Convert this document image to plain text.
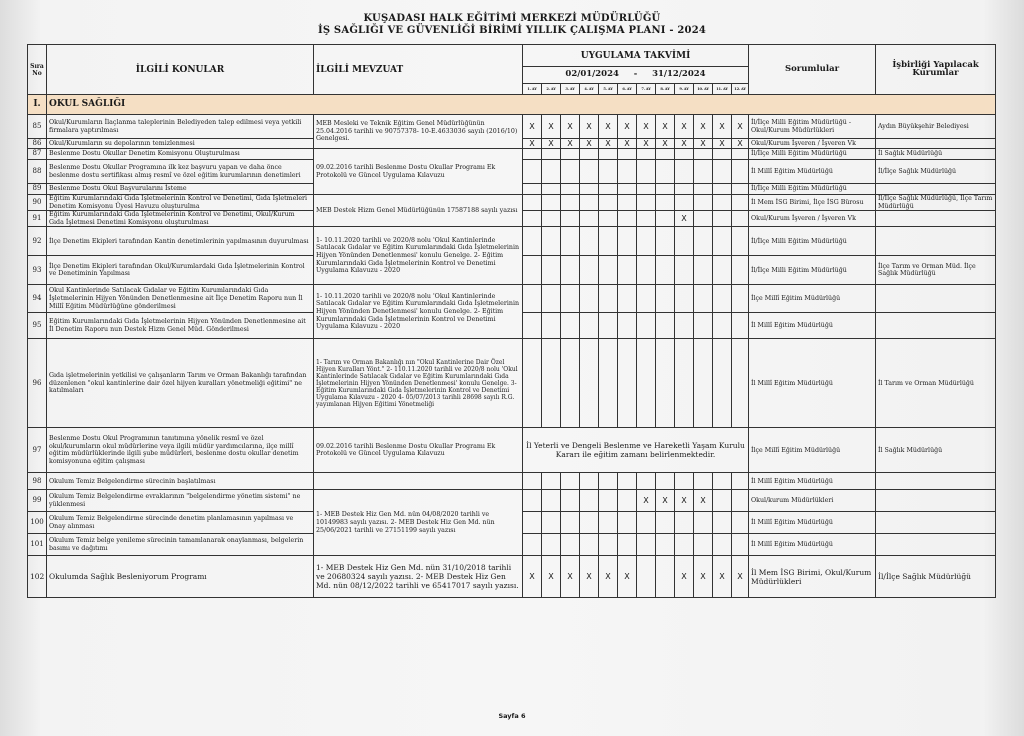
KUŞADASI HALK EĞİTİMİ MERKEZİ MÜDÜRLÜĞÜ
İŞ SAĞLIĞI VE GÜVENLİĞİ BİRİMİ YILLIK ÇALIŞMA PLANI - 2024
Sıra No	İLGİLİ KONULAR	İLGİLİ MEVZUAT	UYGULAMA TAKVİMİ												Sorumlular	İşbirliği Yapılacak Kurumlar
			02/01/2024 - 31/12/2024													
			1. AY	2. AY	3. AY	4. AY	5. AY	6. AY	7. AY	8. AY	9. AY	10. AY	11. AY	12. AY		
I.	OKUL SAĞLIĞI															
85	Okul/Kurumların İlaçlanma taleplerinin Belediyeden talep edilmesi veya yetkili firmalara yaptırılması	MEB Mesleki ve Teknik Eğitim Genel Müdürlüğünün 25.04.2016 tarihli ve 90757378- 10-E.4633036 sayılı (2016/10) Genelgesi.	X	X	X	X	X	X	X	X	X	X	X	X	İl/İlçe Milli Eğitim Müdürlüğü - Okul/Kurum Müdürlükleri	Aydın Büyükşehir Belediyesi
86	Okul/Kurumların su depolarının temizlenmesi		X	X	X	X	X	X	X	X	X	X	X	X	Okul/Kurum İşveren / İşveren Vk	
87	Beslenme Dostu Okullar Denetim Komisyonu Oluşturulması	09.02.2016 tarihli Beslenme Dostu Okullar Programı Ek Protokolü ve Güncel Uygulama Kılavuzu													İl/İlçe Milli Eğitim Müdürlüğü	İl Sağlık Müdürlüğü
88	Beslenme Dostu Okullar Programına ilk kez başvuru yapan ve daha önce beslenme dostu sertifikası almış resmî ve özel eğitim kurumlarının denetimleri														İl Millî Eğitim Müdürlüğü	İl/İlçe Sağlık Müdürlüğü
89	Beslenme Dostu Okul Başvurularını İsteme														İl/İlçe Milli Eğitim Müdürlüğü	
90	Eğitim Kurumlarındaki Gıda İşletmelerinin Kontrol ve Denetimi, Gıda İşletmeleri Denetim Komisyonu Üyesi Havuzu oluşturulma	MEB Destek Hizm Genel Müdürlüğünün 17587188 sayılı yazısı													İl Mem İSG Birimi, İlçe İSG Bürosu	İl/İlçe Sağlık Müdürlüğü, İlçe Tarım Müdürlüğü
91	Eğitim Kurumlarındaki Gıda İşletmelerinin Kontrol ve Denetimi, Okul/Kurum Gıda İşletmesi Denetimi Komisyonu oluşturulması										X				Okul/Kurum İşveren / İşveren Vk	
92	İlçe Denetim Ekipleri tarafından Kantin denetimlerinin yapılmasının duyurulması	1- 10.11.2020 tarihli ve 2020/8 nolu 'Okul Kantinlerinde Satılacak Gıdalar ve Eğitim Kurumlarındaki Gıda İşletmelerinin Hijyen Yönünden Denetlenmesi' konulu Genelge. 2- Eğitim Kurumlarındaki Gıda İşletmelerinin Kontrol ve Denetimi Uygulama Kılavuzu - 2020													İl/İlçe Milli Eğitim Müdürlüğü	
93	İlçe Denetim Ekipleri tarafından Okul/Kurumlardaki Gıda İşletmelerinin Kontrol ve Denetiminin Yapılması														İl/İlçe Milli Eğitim Müdürlüğü	İlçe Tarım ve Orman Müd. İlçe Sağlık Müdürlüğü
94	Okul Kantinlerinde Satılacak Gıdalar ve Eğitim Kurumlarındaki Gıda İşletmelerinin Hijyen Yönünden Denetlenmesine ait İlçe Denetim Raporu nun İl Millî Eğitim Müdürlüğüne gönderilmesi	1- 10.11.2020 tarihli ve 2020/8 nolu 'Okul Kantinlerinde Satılacak Gıdalar ve Eğitim Kurumlarındaki Gıda İşletmelerinin Hijyen Yönünden Denetlenmesi' konulu Genelge. 2- Eğitim Kurumlarındaki Gıda İşletmelerinin Kontrol ve Denetimi Uygulama Kılavuzu - 2020													İlçe Millî Eğitim Müdürlüğü	
95	Eğitim Kurumlarındaki Gıda İşletmelerinin Hijyen Yönünden Denetlenmesine ait İl Denetim Raporu nun Destek Hizm Genel Müd. Gönderilmesi														İl Millî Eğitim Müdürlüğü	
96	Gıda işletmelerinin yetkilisi ve çalışanların Tarım ve Orman Bakanlığı tarafından düzenlenen "okul kantinlerine dair özel hijyen kuralları yönetmeliği eğitimi" ne katılmaları	1- Tarım ve Orman Bakanlığı nın "Okul Kantinlerine Dair Özel Hijyen Kuralları Yönt." 2- 110.11.2020 tarihli ve 2020/8 nolu 'Okul Kantinlerinde Satılacak Gıdalar ve Eğitim Kurumlarındaki Gıda İşletmelerinin Hijyen Yönünden Denetlenmesi' konulu Genelge. 3- Eğitim Kurumlarındaki Gıda İşletmelerinin Kontrol ve Denetimi Uygulama Kılavuzu - 2020 4- 05/07/2013 tarihli 28698 sayılı R.G. yayımlanan Hijyen Eğitimi Yönetmeliği													İl Millî Eğitim Müdürlüğü	İl Tarım ve Orman Müdürlüğü
97	Beslenme Dostu Okul Programının tanıtımına yönelik resmî ve özel okul/kurumların okul müdürlerine veya ilgili müdür yardımcılarına, ilçe millî eğitim müdürlüklerinde ilgili şube müdürleri, beslenme dostu okullar denetim komisyonuna eğitim çalışması	09.02.2016 tarihli Beslenme Dostu Okullar Programı Ek Protokolü ve Güncel Uygulama Kılavuzu	İl Yeterli ve Dengeli Beslenme ve Hareketli Yaşam Kurulu Kararı ile eğitim zamanı belirlenmektedir.												İlçe Millî Eğitim Müdürlüğü	İl Sağlık Müdürlüğü
98	Okulum Temiz Belgelendirme sürecinin başlatılması														İl Millî Eğitim Müdürlüğü	
99	Okulum Temiz Belgelendirme evraklarının "belgelendirme yönetim sistemi" ne yüklenmesi	1- MEB Destek Hiz Gen Md. nün 04/08/2020 tarihli ve 10149983 sayılı yazısı. 2- MEB Destek Hiz Gen Md. nün 25/06/2021 tarihli ve 27151199 sayılı yazısı							X	X	X	X			Okul/kurum Müdürlükleri	
100	Okulum Temiz Belgelendirme sürecinde denetim planlamasının yapılması ve Onay alınması														İl Millî Eğitim Müdürlüğü	
101	Okulum Temiz belge yenileme sürecinin tamamlanarak onaylanması, belgelerin basımı ve dağıtımı														İl Millî Eğitim Müdürlüğü	
102	Okulumda Sağlık Besleniyorum Programı	1- MEB Destek Hiz Gen Md. nün 31/10/2018 tarihli ve 20680324 sayılı yazısı. 2- MEB Destek Hiz Gen Md. nün 08/12/2022 tarihli ve 65417017 sayılı yazısı.	X	X	X	X	X	X			X	X	X	X	İl Mem İSG Birimi, Okul/Kurum Müdürlükleri	İl/İlçe Sağlık Müdürlüğü
Sayfa 6
